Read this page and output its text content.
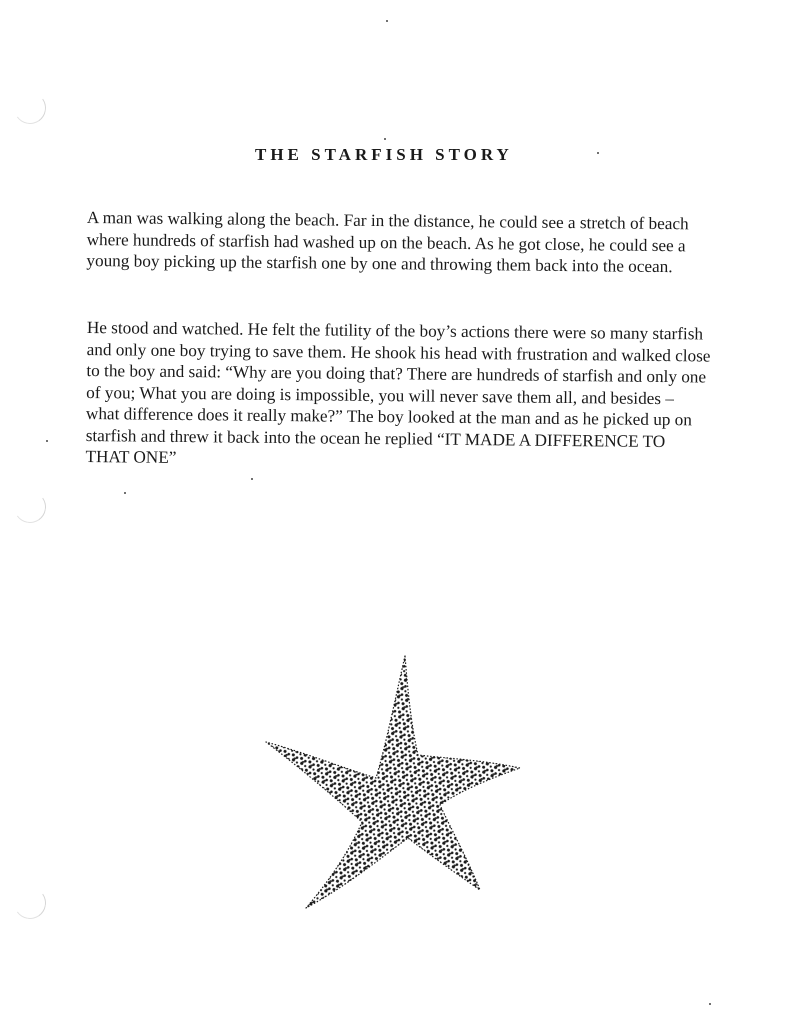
THE STARFISH STORY

A man was walking along the beach. Far in the distance, he could see a stretch of beach where hundreds of starfish had washed up on the beach. As he got close, he could see a young boy picking up the starfish one by one and throwing them back into the ocean.

He stood and watched. He felt the futility of the boy’s actions there were so many starfish and only one boy trying to save them. He shook his head with frustration and walked close to the boy and said: “Why are you doing that? There are hundreds of starfish and only one of you; What you are doing is impossible, you will never save them all, and besides – what difference does it really make?” The boy looked at the man and as he picked up on starfish and threw it back into the ocean he replied “IT MADE A DIFFERENCE TO THAT ONE”
